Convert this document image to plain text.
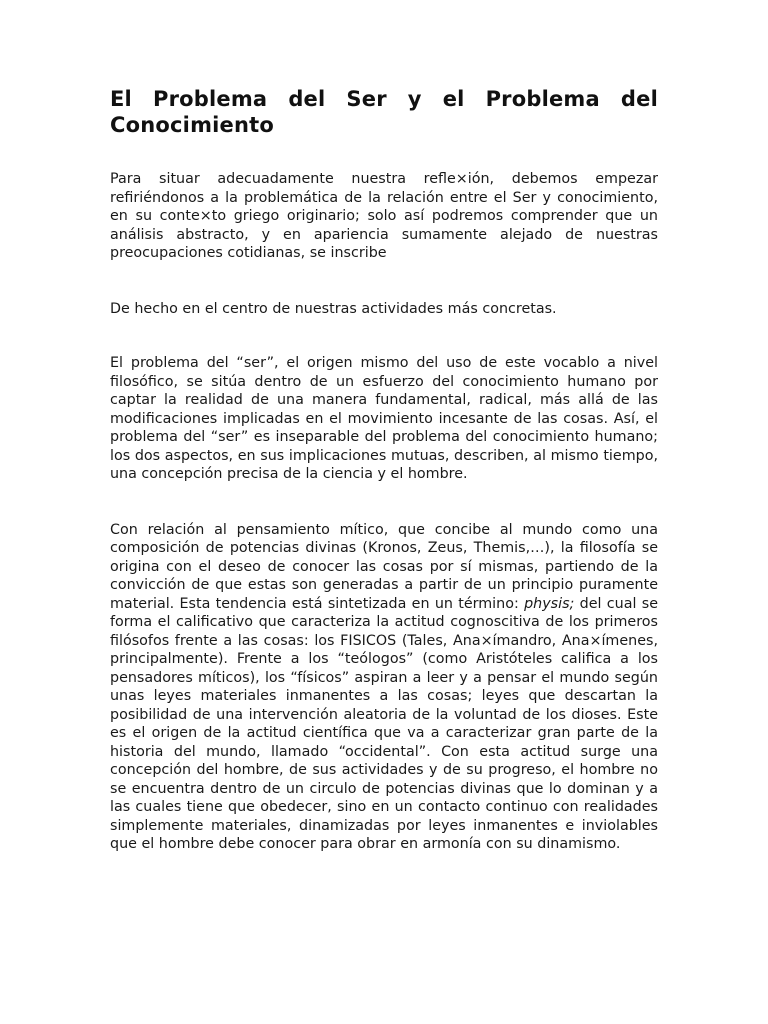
El Problema del Ser y el Problema del Conocimiento

Para situar adecuadamente nuestra refle×ión, debemos empezar refiriéndonos a la problemática de la relación entre el Ser y conocimiento, en su conte×to griego originario; solo así podremos comprender que un análisis abstracto, y en apariencia sumamente alejado de nuestras preocupaciones cotidianas, se inscribe

De hecho en el centro de nuestras actividades más concretas.

El problema del “ser”, el origen mismo del uso de este vocablo a nivel filosófico, se sitúa dentro de un esfuerzo del conocimiento humano por captar la realidad de una manera fundamental, radical, más allá de las modificaciones implicadas en el movimiento incesante de las cosas. Así, el problema del “ser” es inseparable del problema del conocimiento humano; los dos aspectos, en sus implicaciones mutuas, describen, al mismo tiempo, una concepción precisa de la ciencia y el hombre.

Con relación al pensamiento mítico, que concibe al mundo como una composición de potencias divinas (Kronos, Zeus, Themis,…), la filosofía se origina con el deseo de conocer las cosas por sí mismas, partiendo de la convicción de que estas son generadas a partir de un principio puramente material. Esta tendencia está sintetizada en un término: physis; del cual se forma el calificativo que caracteriza la actitud cognoscitiva de los primeros filósofos frente a las cosas: los FISICOS (Tales, Ana×ímandro, Ana×ímenes, principalmente). Frente a los “teólogos” (como Aristóteles califica a los pensadores míticos), los “físicos” aspiran a leer y a pensar el mundo según unas leyes materiales inmanentes a las cosas; leyes que descartan la posibilidad de una intervención aleatoria de la voluntad de los dioses. Este es el origen de la actitud científica que va a caracterizar gran parte de la historia del mundo, llamado “occidental”. Con esta actitud surge una concepción del hombre, de sus actividades y de su progreso, el hombre no se encuentra dentro de un circulo de potencias divinas que lo dominan y a las cuales tiene que obedecer, sino en un contacto continuo con realidades simplemente materiales, dinamizadas por leyes inmanentes e inviolables que el hombre debe conocer para obrar en armonía con su dinamismo.
